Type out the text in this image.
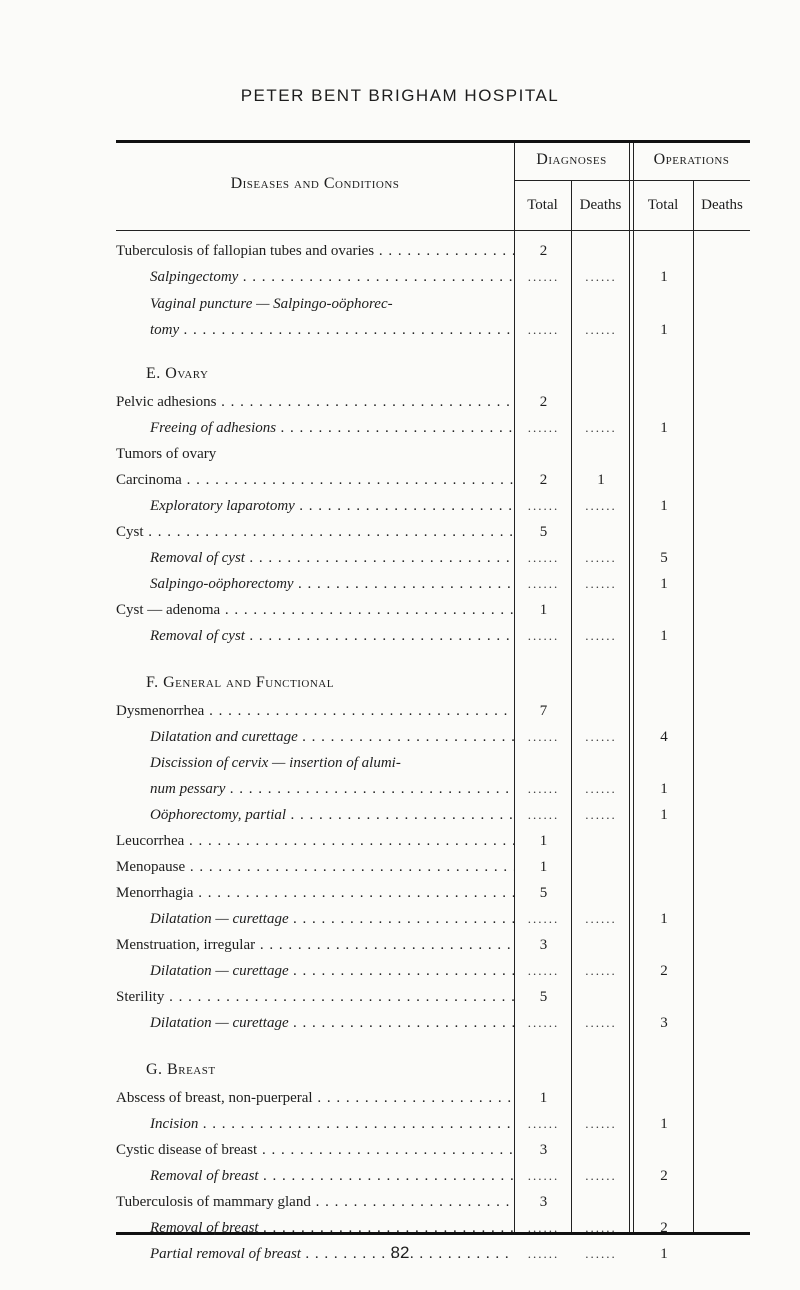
PETER BENT BRIGHAM HOSPITAL
Diseases and Conditions
Diagnoses	Operations
Total	Deaths	Total	Deaths
Tuberculosis of fallopian tubes and ovaries . . .	2
Salpingectomy . . .	......	......	1
Vaginal puncture — Salpingo-oöphorec-
tomy . . .	......	......	1
E. Ovary
Pelvic adhesions . . .	2
Freeing of adhesions . . .	......	......	1
Tumors of ovary
Carcinoma . . .	2	1
Exploratory laparotomy . . .	......	......	1
Cyst . . .	5
Removal of cyst . . .	......	......	5
Salpingo-oöphorectomy . . .	......	......	1
Cyst — adenoma . . .	1
Removal of cyst . . .	......	......	1
F. General and Functional
Dysmenorrhea . . .	7
Dilatation and curettage . . .	......	......	4
Discission of cervix — insertion of alumi-
num pessary . . .	......	......	1
Oöphorectomy, partial . . .	......	......	1
Leucorrhea . . .	1
Menopause . . .	1
Menorrhagia . . .	5
Dilatation — curettage . . .	......	......	1
Menstruation, irregular . . .	3
Dilatation — curettage . . .	......	......	2
Sterility . . .	5
Dilatation — curettage . . .	......	......	3
G. Breast
Abscess of breast, non-puerperal . . .	1
Incision . . .	......	......	1
Cystic disease of breast . . .	3
Removal of breast . . .	......	......	2
Tuberculosis of mammary gland . . .	3
Removal of breast . . .	......	......	2
Partial removal of breast . . .	......	......	1
82
